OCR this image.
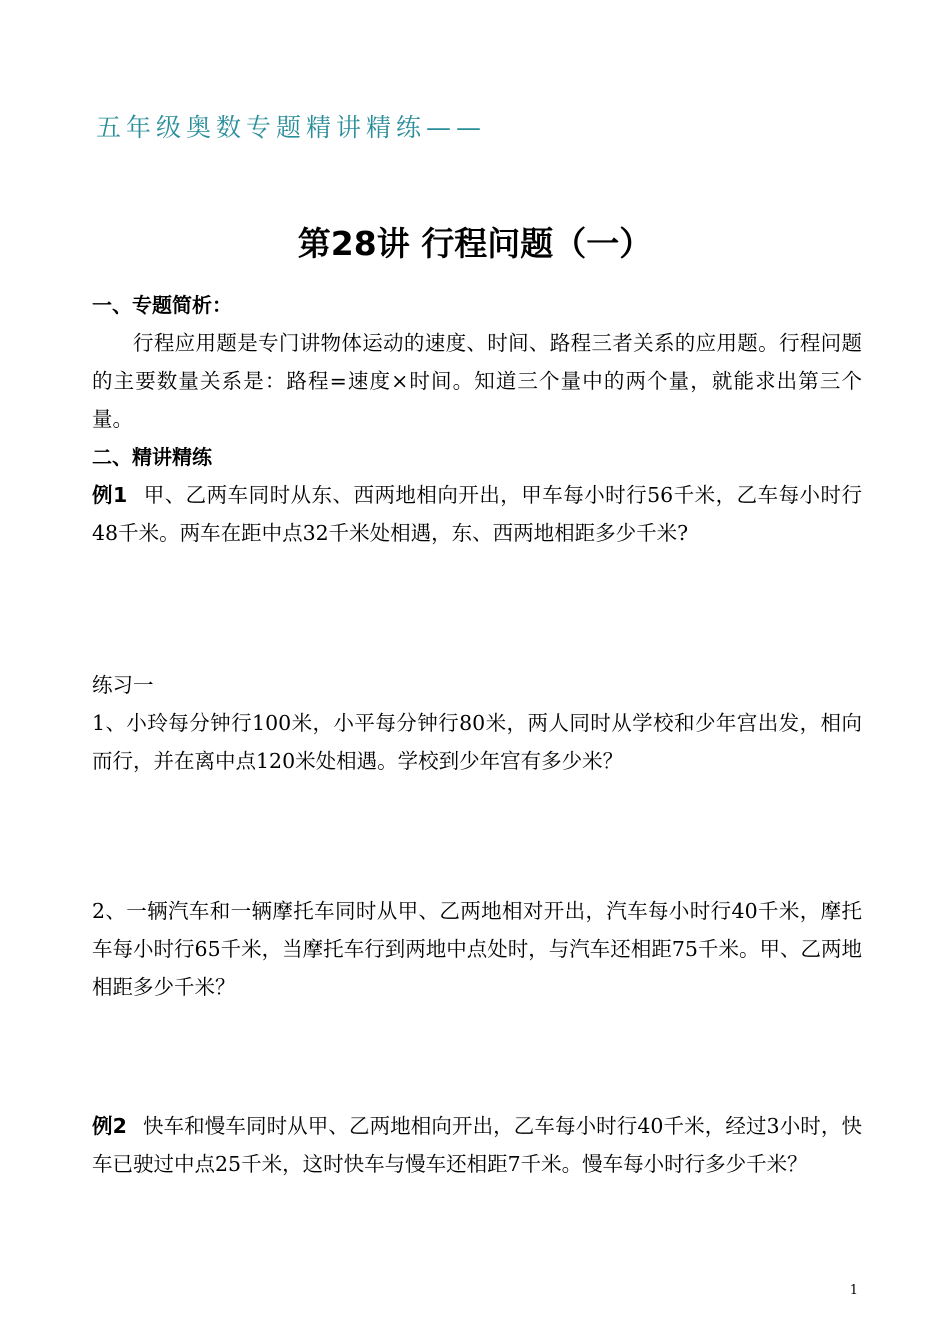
五年级奥数专题精讲精练——
第28讲 行程问题（一）
一、专题简析：
行程应用题是专门讲物体运动的速度、时间、路程三者关系的应用题。行程问题的主要数量关系是：路程=速度×时间。知道三个量中的两个量，就能求出第三个量。
二、精讲精练
例1 甲、乙两车同时从东、西两地相向开出，甲车每小时行56千米，乙车每小时行48千米。两车在距中点32千米处相遇，东、西两地相距多少千米?
练习一
1、小玲每分钟行100米，小平每分钟行80米，两人同时从学校和少年宫出发，相向而行，并在离中点120米处相遇。学校到少年宫有多少米？
2、一辆汽车和一辆摩托车同时从甲、乙两地相对开出，汽车每小时行40千米，摩托车每小时行65千米，当摩托车行到两地中点处时，与汽车还相距75千米。甲、乙两地相距多少千米？
例2 快车和慢车同时从甲、乙两地相向开出，乙车每小时行40千米，经过3小时，快车已驶过中点25千米，这时快车与慢车还相距7千米。慢车每小时行多少千米？
1
